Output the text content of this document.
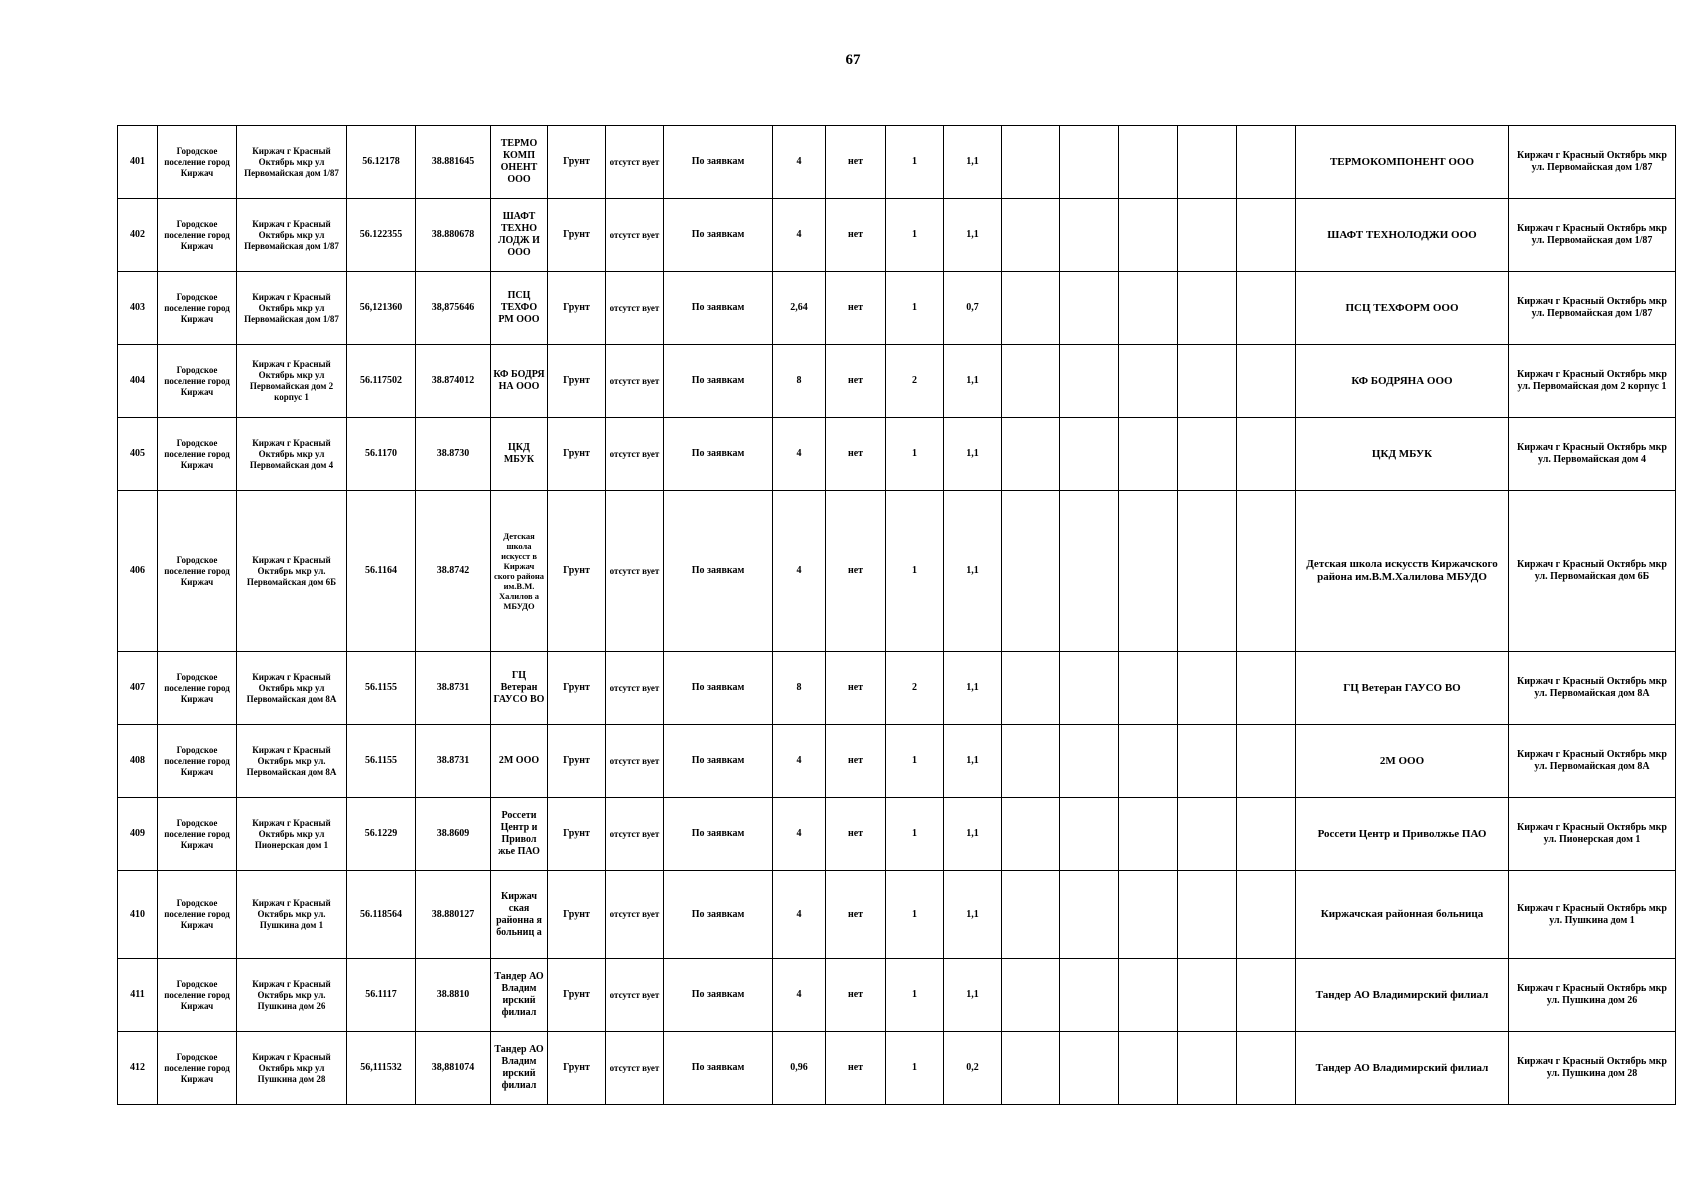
67
401	Городское поселение город Киржач	Киржач г Красный Октябрь мкр ул Первомайская дом 1/87	56.12178	38.881645	ТЕРМО КОМП ОНЕНТ ООО	Грунт	отсутст вует	По заявкам	4	нет	1	1,1						ТЕРМОКОМПОНЕНТ ООО	Киржач г Красный Октябрь мкр ул. Первомайская дом 1/87
402	Городское поселение город Киржач	Киржач г Красный Октябрь мкр ул Первомайская дом 1/87	56.122355	38.880678	ШАФТ ТЕХНО ЛОДЖ И ООО	Грунт	отсутст вует	По заявкам	4	нет	1	1,1						ШАФТ ТЕХНОЛОДЖИ ООО	Киржач г Красный Октябрь мкр ул. Первомайская дом 1/87
403	Городское поселение город Киржач	Киржач г Красный Октябрь мкр ул Первомайская дом 1/87	56,121360	38,875646	ПСЦ ТЕХФО РМ ООО	Грунт	отсутст вует	По заявкам	2,64	нет	1	0,7						ПСЦ ТЕХФОРМ ООО	Киржач г Красный Октябрь мкр ул. Первомайская дом 1/87
404	Городское поселение город Киржач	Киржач г Красный Октябрь мкр ул Первомайская дом 2 корпус 1	56.117502	38.874012	КФ БОДРЯ НА ООО	Грунт	отсутст вует	По заявкам	8	нет	2	1,1						КФ БОДРЯНА ООО	Киржач г Красный Октябрь мкр ул. Первомайская дом 2 корпус 1
405	Городское поселение город Киржач	Киржач г Красный Октябрь мкр ул Первомайская дом 4	56.1170	38.8730	ЦКД МБУК	Грунт	отсутст вует	По заявкам	4	нет	1	1,1						ЦКД МБУК	Киржач г Красный Октябрь мкр ул. Первомайская дом 4
406	Городское поселение город Киржач	Киржач г Красный Октябрь мкр ул. Первомайская дом 6Б	56.1164	38.8742	Детская школа искусст в Киржач ского района им.В.М. Халилов а МБУДО	Грунт	отсутст вует	По заявкам	4	нет	1	1,1						Детская школа искусств Киржачского района им.В.М.Халилова МБУДО	Киржач г Красный Октябрь мкр ул. Первомайская дом 6Б
407	Городское поселение город Киржач	Киржач г Красный Октябрь мкр ул Первомайская дом 8А	56.1155	38.8731	ГЦ Ветеран ГАУСО ВО	Грунт	отсутст вует	По заявкам	8	нет	2	1,1						ГЦ Ветеран ГАУСО ВО	Киржач г Красный Октябрь мкр ул. Первомайская дом 8А
408	Городское поселение город Киржач	Киржач г Красный Октябрь мкр ул. Первомайская дом 8А	56.1155	38.8731	2М ООО	Грунт	отсутст вует	По заявкам	4	нет	1	1,1						2М ООО	Киржач г Красный Октябрь мкр ул. Первомайская дом 8А
409	Городское поселение город Киржач	Киржач г Красный Октябрь мкр ул Пионерская дом 1	56.1229	38.8609	Россети Центр и Привол жье ПАО	Грунт	отсутст вует	По заявкам	4	нет	1	1,1						Россети Центр и Приволжье ПАО	Киржач г Красный Октябрь мкр ул. Пионерская дом 1
410	Городское поселение город Киржач	Киржач г Красный Октябрь мкр ул. Пушкина дом 1	56.118564	38.880127	Киржач ская районна я больниц а	Грунт	отсутст вует	По заявкам	4	нет	1	1,1						Киржачская районная больница	Киржач г Красный Октябрь мкр ул. Пушкина дом 1
411	Городское поселение город Киржач	Киржач г Красный Октябрь мкр ул. Пушкина дом 26	56.1117	38.8810	Тандер АО Владим ирский филиал	Грунт	отсутст вует	По заявкам	4	нет	1	1,1						Тандер АО Владимирский филиал	Киржач г Красный Октябрь мкр ул. Пушкина дом 26
412	Городское поселение город Киржач	Киржач г Красный Октябрь мкр ул Пушкина дом 28	56,111532	38,881074	Тандер АО Владим ирский филиал	Грунт	отсутст вует	По заявкам	0,96	нет	1	0,2						Тандер АО Владимирский филиал	Киржач г Красный Октябрь мкр ул. Пушкина дом 28
